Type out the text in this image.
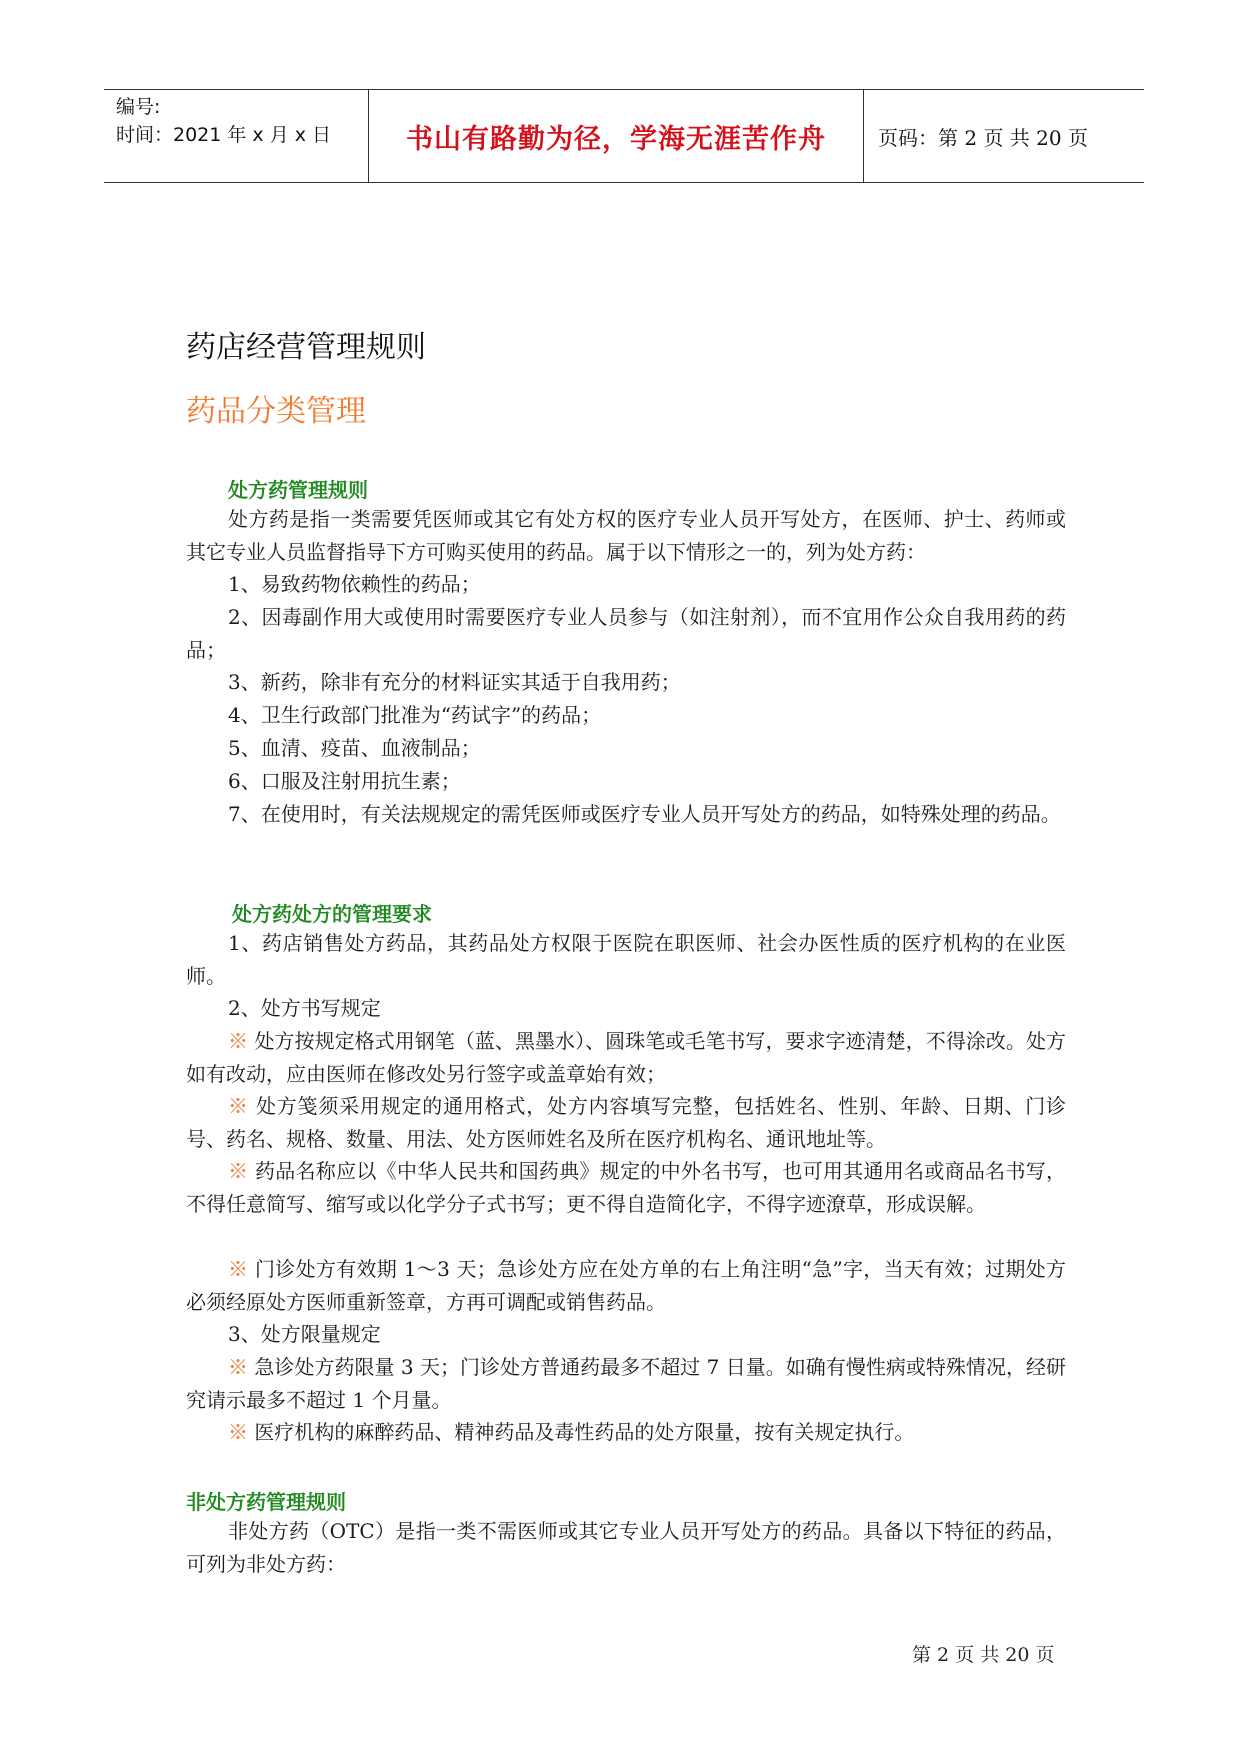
编号:
时间：2021 年 x 月 x 日	书山有路勤为径，学海无涯苦作舟	页码：第 2 页 共 20 页
药店经营管理规则
药品分类管理
处方药管理规则
处方药是指一类需要凭医师或其它有处方权的医疗专业人员开写处方，在医师、护士、药师或其它专业人员监督指导下方可购买使用的药品。属于以下情形之一的，列为处方药：
1、易致药物依赖性的药品；
2、因毒副作用大或使用时需要医疗专业人员参与（如注射剂），而不宜用作公众自我用药的药品；
3、新药，除非有充分的材料证实其适于自我用药；
4、卫生行政部门批准为“药试字”的药品；
5、血清、疫苗、血液制品；
6、口服及注射用抗生素；
7、在使用时，有关法规规定的需凭医师或医疗专业人员开写处方的药品，如特殊处理的药品。
处方药处方的管理要求
1、药店销售处方药品，其药品处方权限于医院在职医师、社会办医性质的医疗机构的在业医师。
2、处方书写规定
※ 处方按规定格式用钢笔（蓝、黑墨水）、圆珠笔或毛笔书写，要求字迹清楚，不得涂改。处方如有改动，应由医师在修改处另行签字或盖章始有效；
※ 处方笺须采用规定的通用格式，处方内容填写完整，包括姓名、性别、年龄、日期、门诊号、药名、规格、数量、用法、处方医师姓名及所在医疗机构名、通讯地址等。
※ 药品名称应以《中华人民共和国药典》规定的中外名书写，也可用其通用名或商品名书写，不得任意简写、缩写或以化学分子式书写；更不得自造简化字，不得字迹潦草，形成误解。
※ 门诊处方有效期 1～3 天；急诊处方应在处方单的右上角注明“急”字，当天有效；过期处方必须经原处方医师重新签章，方再可调配或销售药品。
3、处方限量规定
※ 急诊处方药限量 3 天；门诊处方普通药最多不超过 7 日量。如确有慢性病或特殊情况，经研究请示最多不超过 1 个月量。
※ 医疗机构的麻醉药品、精神药品及毒性药品的处方限量，按有关规定执行。
非处方药管理规则
非处方药（OTC）是指一类不需医师或其它专业人员开写处方的药品。具备以下特征的药品，可列为非处方药：
第 2 页 共 20 页
